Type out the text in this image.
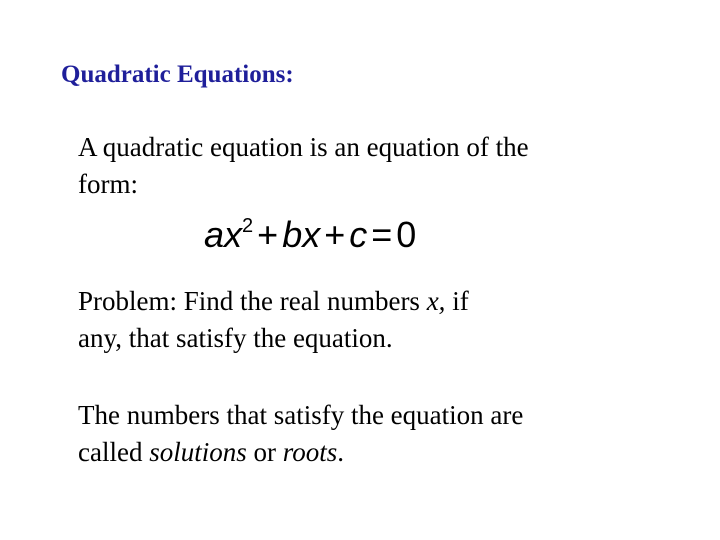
Quadratic Equations:
A quadratic equation is an equation of the
form:
$ax^2$ + bx + c = 0
Problem: Find the real numbers x, if
any, that satisfy the equation.
The numbers that satisfy the equation are
called solutions or roots.
